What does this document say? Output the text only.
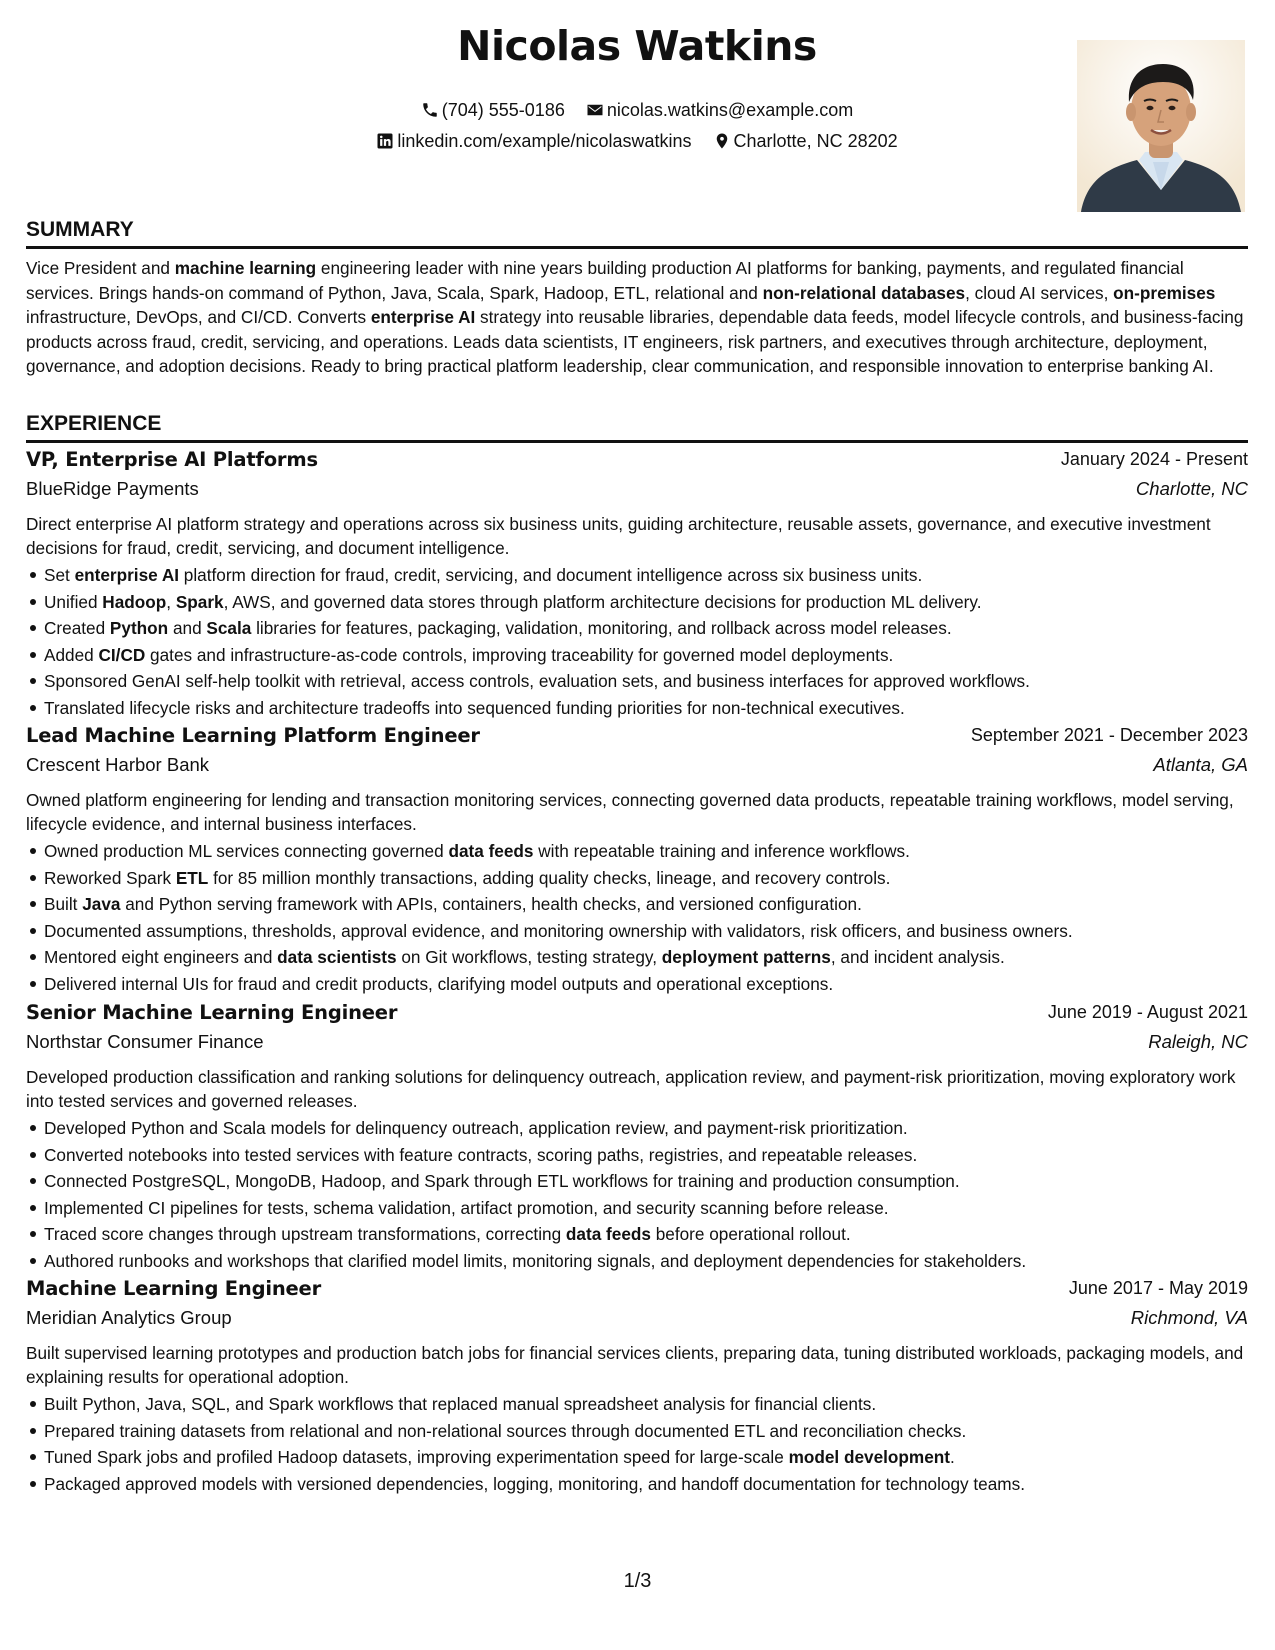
Nicolas Watkins
(704) 555-0186 nicolas.watkins@example.com
linkedin.com/example/nicolaswatkins Charlotte, NC 28202
SUMMARY
Vice President and machine learning engineering leader with nine years building production AI platforms for banking, payments, and regulated financial services. Brings hands-on command of Python, Java, Scala, Spark, Hadoop, ETL, relational and non-relational databases, cloud AI services, on-premises infrastructure, DevOps, and CI/CD. Converts enterprise AI strategy into reusable libraries, dependable data feeds, model lifecycle controls, and business-facing products across fraud, credit, servicing, and operations. Leads data scientists, IT engineers, risk partners, and executives through architecture, deployment, governance, and adoption decisions. Ready to bring practical platform leadership, clear communication, and responsible innovation to enterprise banking AI.
EXPERIENCE
VP, Enterprise AI Platforms	January 2024 - Present
BlueRidge Payments	Charlotte, NC
Direct enterprise AI platform strategy and operations across six business units, guiding architecture, reusable assets, governance, and executive investment decisions for fraud, credit, servicing, and document intelligence.
Set enterprise AI platform direction for fraud, credit, servicing, and document intelligence across six business units.
Unified Hadoop, Spark, AWS, and governed data stores through platform architecture decisions for production ML delivery.
Created Python and Scala libraries for features, packaging, validation, monitoring, and rollback across model releases.
Added CI/CD gates and infrastructure-as-code controls, improving traceability for governed model deployments.
Sponsored GenAI self-help toolkit with retrieval, access controls, evaluation sets, and business interfaces for approved workflows.
Translated lifecycle risks and architecture tradeoffs into sequenced funding priorities for non-technical executives.
Lead Machine Learning Platform Engineer	September 2021 - December 2023
Crescent Harbor Bank	Atlanta, GA
Owned platform engineering for lending and transaction monitoring services, connecting governed data products, repeatable training workflows, model serving, lifecycle evidence, and internal business interfaces.
Owned production ML services connecting governed data feeds with repeatable training and inference workflows.
Reworked Spark ETL for 85 million monthly transactions, adding quality checks, lineage, and recovery controls.
Built Java and Python serving framework with APIs, containers, health checks, and versioned configuration.
Documented assumptions, thresholds, approval evidence, and monitoring ownership with validators, risk officers, and business owners.
Mentored eight engineers and data scientists on Git workflows, testing strategy, deployment patterns, and incident analysis.
Delivered internal UIs for fraud and credit products, clarifying model outputs and operational exceptions.
Senior Machine Learning Engineer	June 2019 - August 2021
Northstar Consumer Finance	Raleigh, NC
Developed production classification and ranking solutions for delinquency outreach, application review, and payment-risk prioritization, moving exploratory work into tested services and governed releases.
Developed Python and Scala models for delinquency outreach, application review, and payment-risk prioritization.
Converted notebooks into tested services with feature contracts, scoring paths, registries, and repeatable releases.
Connected PostgreSQL, MongoDB, Hadoop, and Spark through ETL workflows for training and production consumption.
Implemented CI pipelines for tests, schema validation, artifact promotion, and security scanning before release.
Traced score changes through upstream transformations, correcting data feeds before operational rollout.
Authored runbooks and workshops that clarified model limits, monitoring signals, and deployment dependencies for stakeholders.
Machine Learning Engineer	June 2017 - May 2019
Meridian Analytics Group	Richmond, VA
Built supervised learning prototypes and production batch jobs for financial services clients, preparing data, tuning distributed workloads, packaging models, and explaining results for operational adoption.
Built Python, Java, SQL, and Spark workflows that replaced manual spreadsheet analysis for financial clients.
Prepared training datasets from relational and non-relational sources through documented ETL and reconciliation checks.
Tuned Spark jobs and profiled Hadoop datasets, improving experimentation speed for large-scale model development.
Packaged approved models with versioned dependencies, logging, monitoring, and handoff documentation for technology teams.
1/3
